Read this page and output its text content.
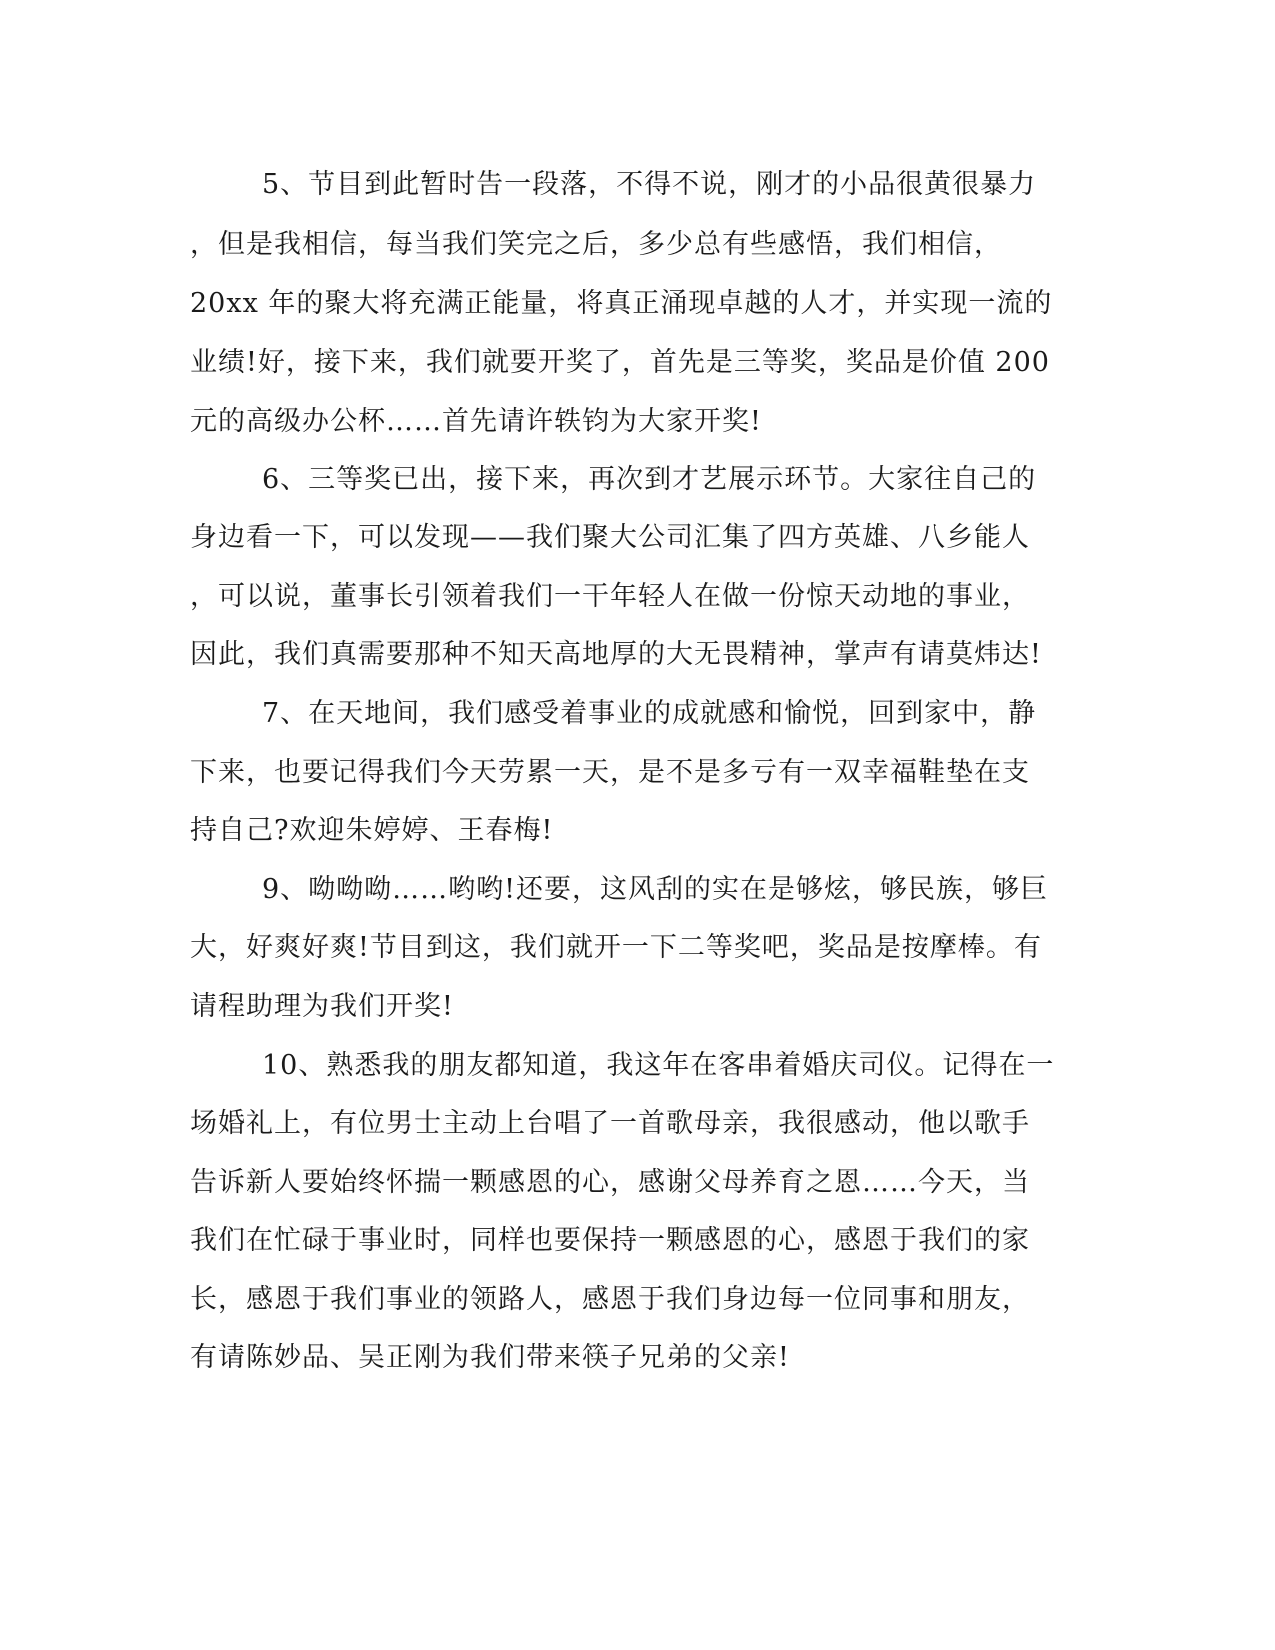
5、节目到此暂时告一段落，不得不说，刚才的小品很黄很暴力
，但是我相信，每当我们笑完之后，多少总有些感悟，我们相信，
20xx 年的聚大将充满正能量，将真正涌现卓越的人才，并实现一流的
业绩!好，接下来，我们就要开奖了，首先是三等奖，奖品是价值 200
元的高级办公杯……首先请许轶钧为大家开奖!
6、三等奖已出，接下来，再次到才艺展示环节。大家往自己的
身边看一下，可以发现——我们聚大公司汇集了四方英雄、八乡能人
，可以说，董事长引领着我们一干年轻人在做一份惊天动地的事业，
因此，我们真需要那种不知天高地厚的大无畏精神，掌声有请莫炜达!
7、在天地间，我们感受着事业的成就感和愉悦，回到家中，静
下来，也要记得我们今天劳累一天，是不是多亏有一双幸福鞋垫在支
持自己?欢迎朱婷婷、王春梅!
9、呦呦呦……哟哟!还要，这风刮的实在是够炫，够民族，够巨
大，好爽好爽!节目到这，我们就开一下二等奖吧，奖品是按摩棒。有
请程助理为我们开奖!
10、熟悉我的朋友都知道，我这年在客串着婚庆司仪。记得在一
场婚礼上，有位男士主动上台唱了一首歌母亲，我很感动，他以歌手
告诉新人要始终怀揣一颗感恩的心，感谢父母养育之恩……今天，当
我们在忙碌于事业时，同样也要保持一颗感恩的心，感恩于我们的家
长，感恩于我们事业的领路人，感恩于我们身边每一位同事和朋友，
有请陈妙品、吴正刚为我们带来筷子兄弟的父亲!
